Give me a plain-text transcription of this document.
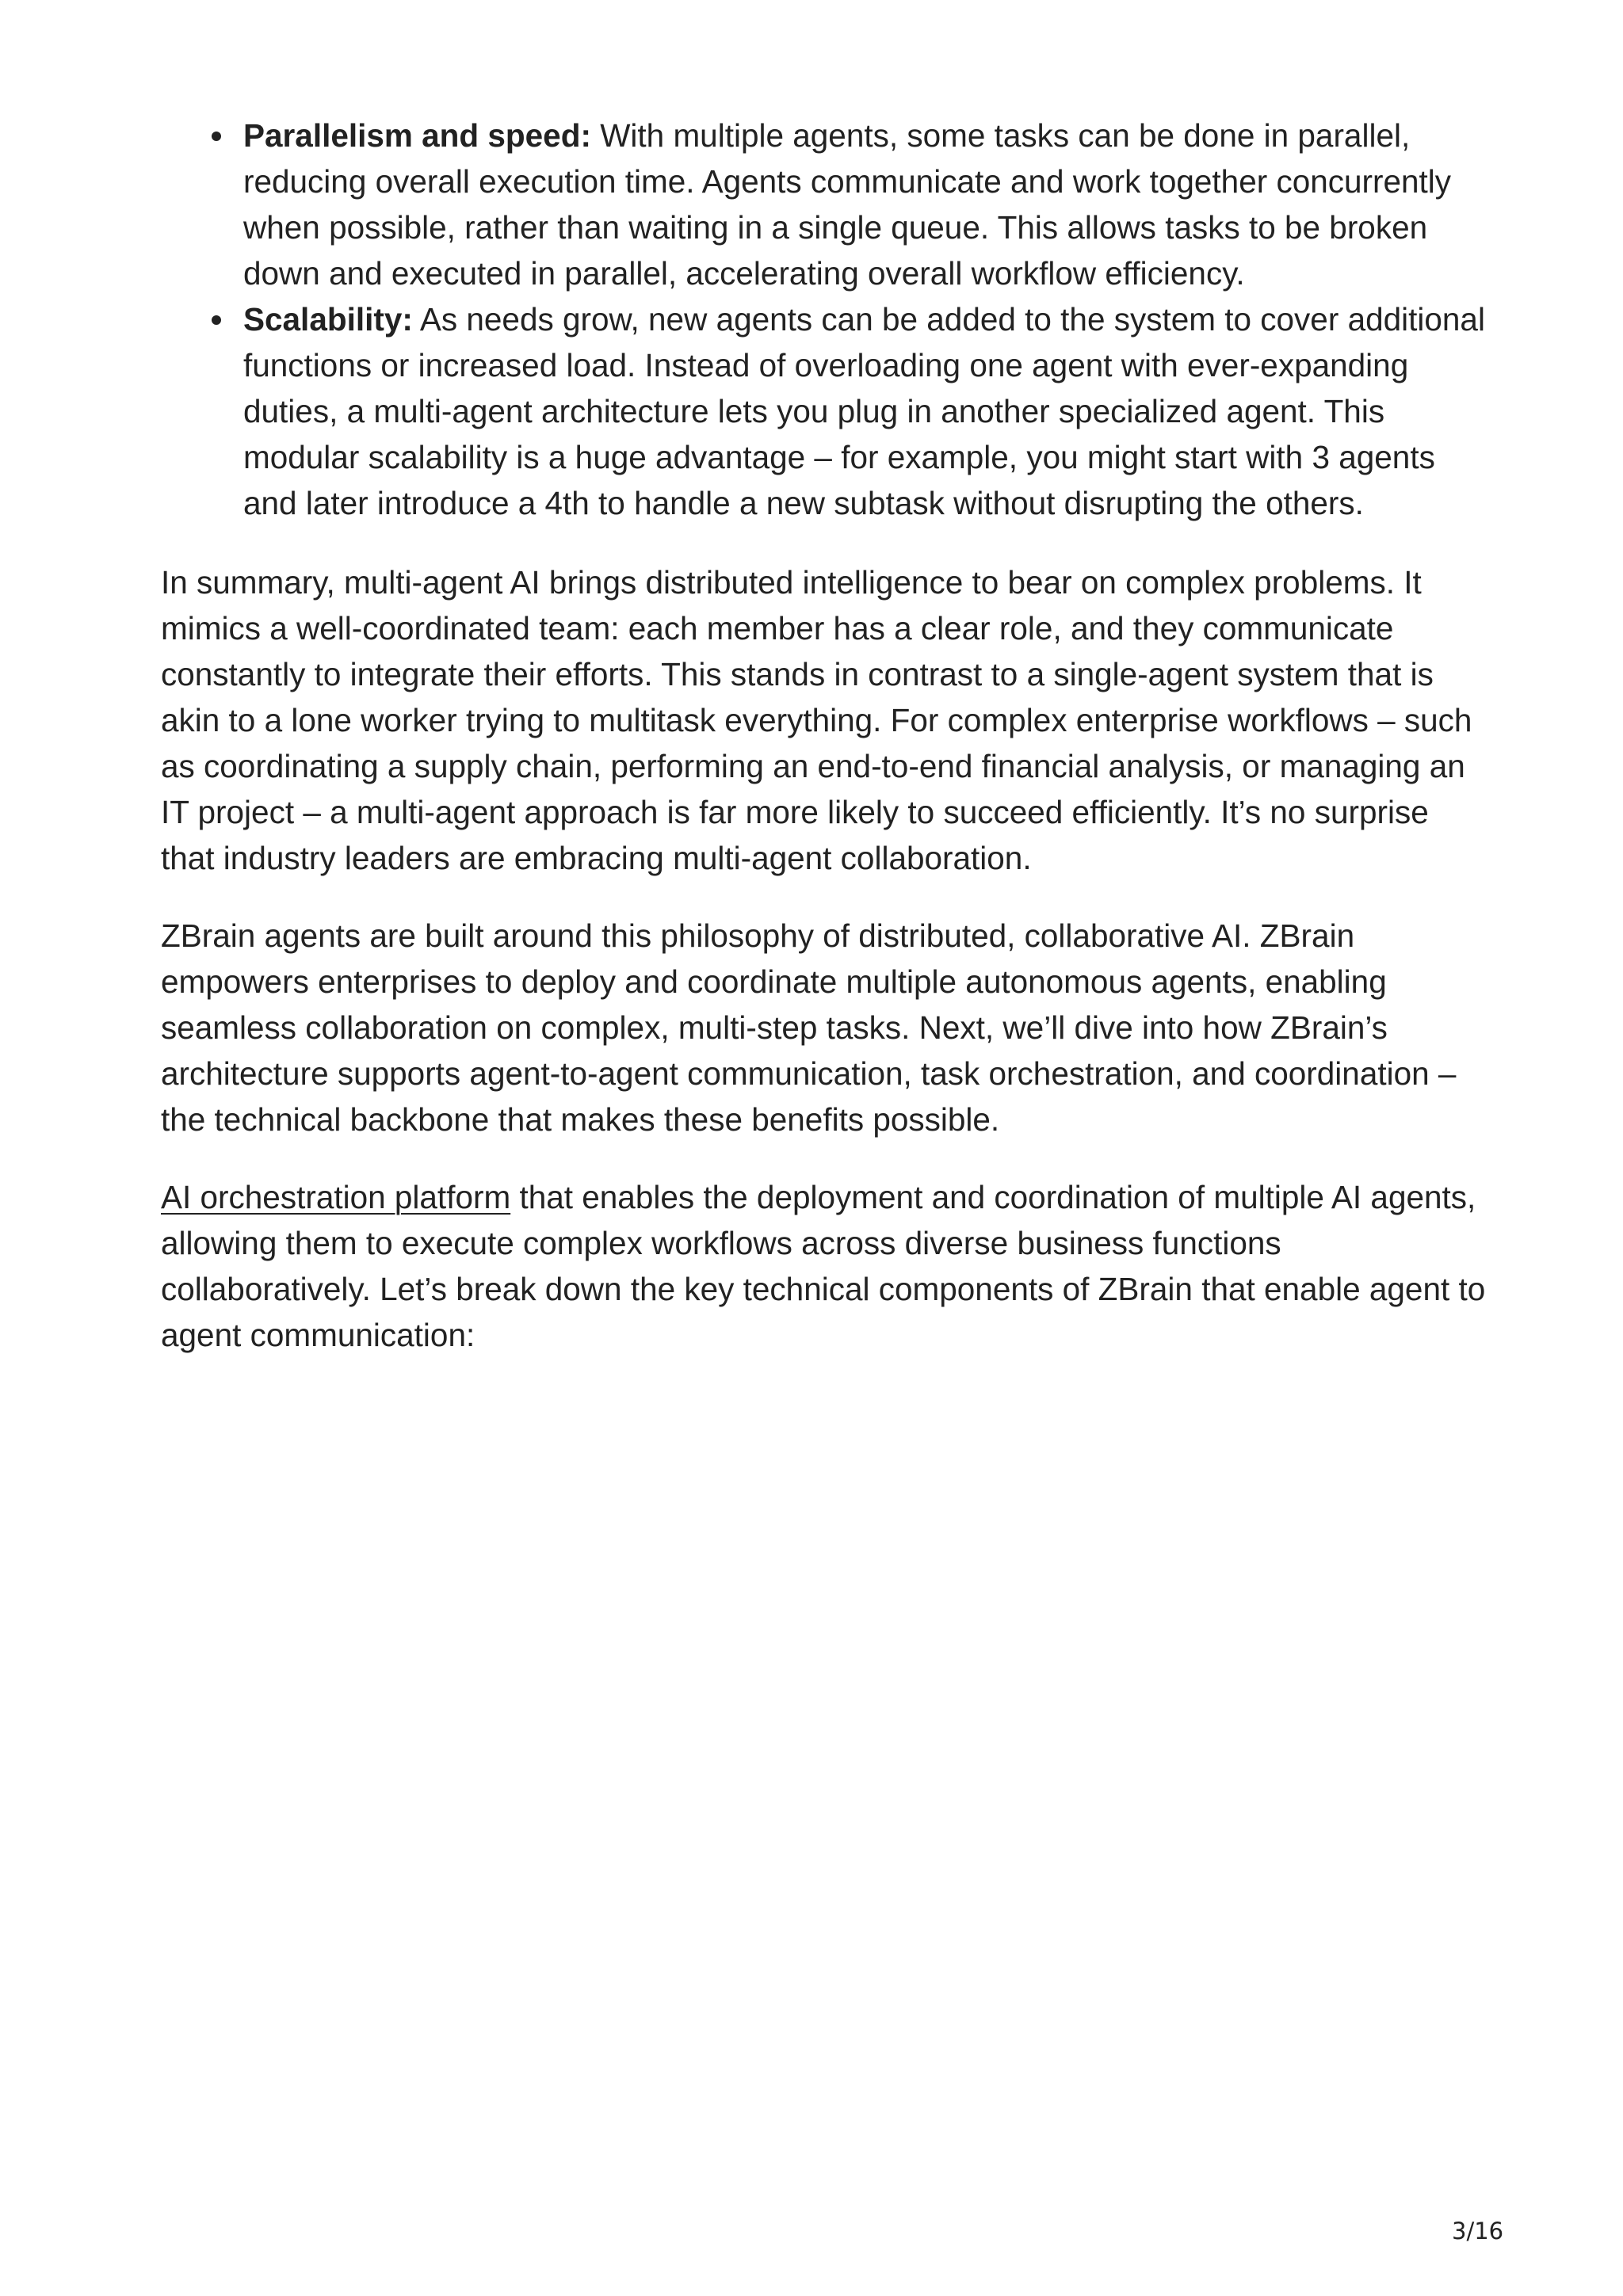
Parallelism and speed: With multiple agents, some tasks can be done in parallel, reducing overall execution time. Agents communicate and work together concurrently when possible, rather than waiting in a single queue. This allows tasks to be broken down and executed in parallel, accelerating overall workflow efficiency.
Scalability: As needs grow, new agents can be added to the system to cover additional functions or increased load. Instead of overloading one agent with ever-expanding duties, a multi-agent architecture lets you plug in another specialized agent. This modular scalability is a huge advantage – for example, you might start with 3 agents and later introduce a 4th to handle a new subtask without disrupting the others.

In summary, multi-agent AI brings distributed intelligence to bear on complex problems. It mimics a well-coordinated team: each member has a clear role, and they communicate constantly to integrate their efforts. This stands in contrast to a single-agent system that is akin to a lone worker trying to multitask everything. For complex enterprise workflows – such as coordinating a supply chain, performing an end-to-end financial analysis, or managing an IT project – a multi-agent approach is far more likely to succeed efficiently. It’s no surprise that industry leaders are embracing multi-agent collaboration.

ZBrain agents are built around this philosophy of distributed, collaborative AI. ZBrain empowers enterprises to deploy and coordinate multiple autonomous agents, enabling seamless collaboration on complex, multi-step tasks. Next, we’ll dive into how ZBrain’s architecture supports agent-to-agent communication, task orchestration, and coordination – the technical backbone that makes these benefits possible.

AI orchestration platform that enables the deployment and coordination of multiple AI agents, allowing them to execute complex workflows across diverse business functions collaboratively. Let’s break down the key technical components of ZBrain that enable agent to agent communication:

3/16
